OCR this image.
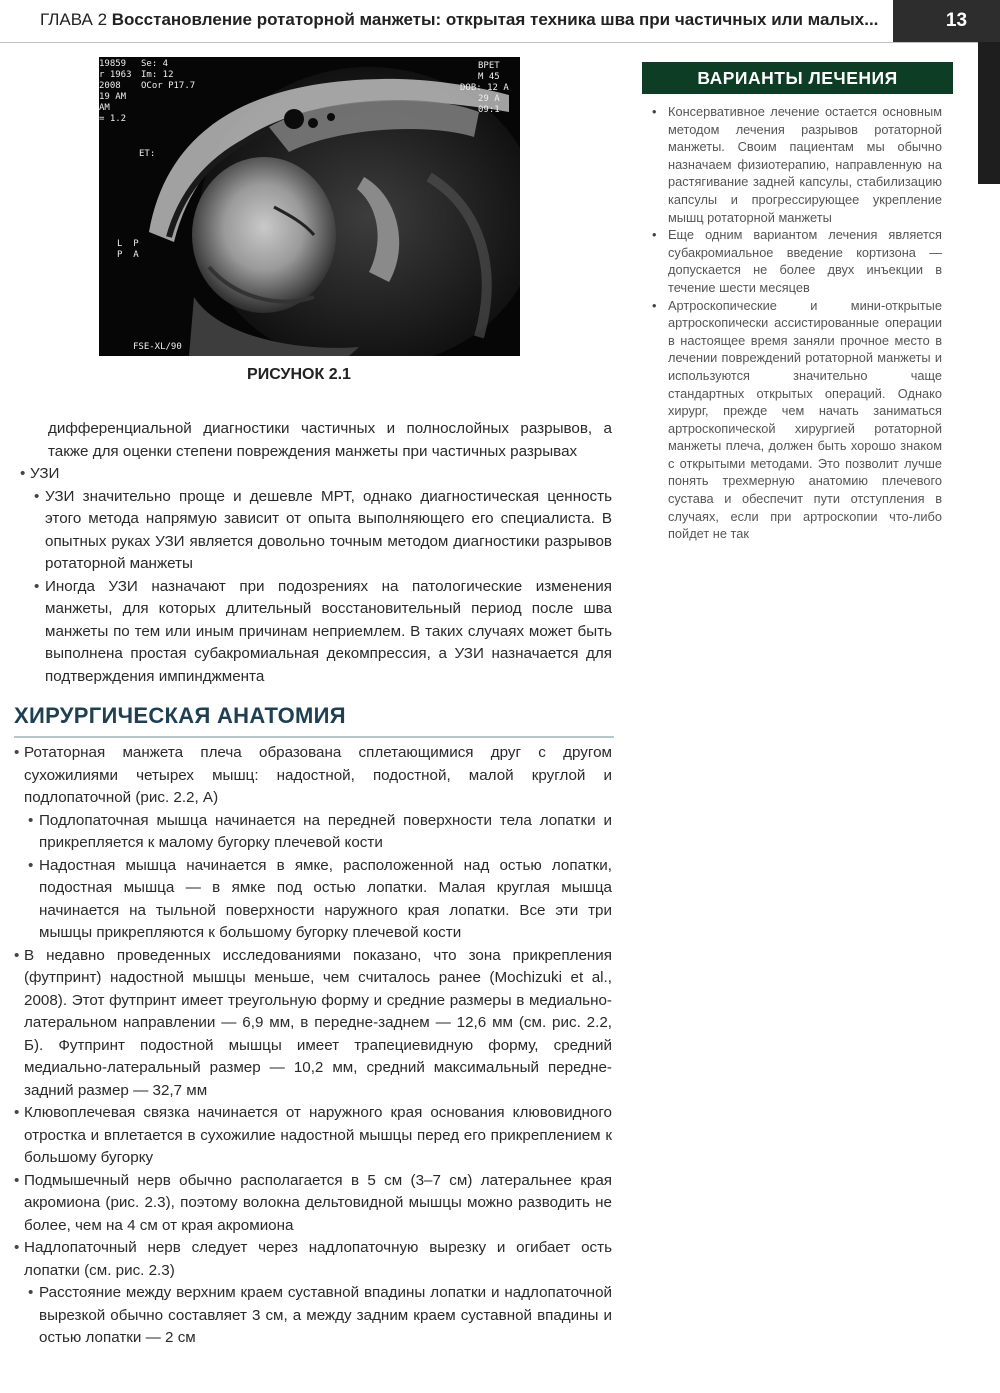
ГЛАВА 2 Восстановление ротаторной манжеты: открытая техника шва при частичных или малых...	13
19859
r 1963
2008
19 AM
AM
= 1.2
Se: 4
Im: 12
OCor P17.7
BPET
M 45
DOB: 12 A
29 A
09:1
ET:
L P
P A
FSE-XL/90
РИСУНОК 2.1

дифференциальной диагностики частичных и полнослойных разрывов, а также для оценки степени повреждения манжеты при частичных разрывах

• УЗИ
• УЗИ значительно проще и дешевле МРТ, однако диагностическая ценность этого метода напрямую зависит от опыта выполняющего его специалиста. В опытных руках УЗИ является довольно точным методом диагностики разрывов ротаторной манжеты
• Иногда УЗИ назначают при подозрениях на патологические изменения манжеты, для которых длительный восстановительный период после шва манжеты по тем или иным причинам неприемлем. В таких случаях может быть выполнена простая субакромиальная декомпрессия, а УЗИ назначается для подтверждения импинджмента
ХИРУРГИЧЕСКАЯ АНАТОМИЯ
• Ротаторная манжета плеча образована сплетающимися друг с другом сухожилиями четырех мышц: надостной, подостной, малой круглой и подлопаточной (рис. 2.2, А)
• Подлопаточная мышца начинается на передней поверхности тела лопатки и прикрепляется к малому бугорку плечевой кости
• Надостная мышца начинается в ямке, расположенной над остью лопатки, подостная мышца — в ямке под остью лопатки. Малая круглая мышца начинается на тыльной поверхности наружного края лопатки. Все эти три мышцы прикрепляются к большому бугорку плечевой кости
• В недавно проведенных исследованиями показано, что зона прикрепления (футпринт) надостной мышцы меньше, чем считалось ранее (Mochizuki et al., 2008). Этот футпринт имеет треугольную форму и средние размеры в медиально-латеральном направлении — 6,9 мм, в передне-заднем — 12,6 мм (см. рис. 2.2, Б). Футпринт подостной мышцы имеет трапециевидную форму, средний медиально-латеральный размер — 10,2 мм, средний максимальный передне-задний размер — 32,7 мм
• Клювоплечевая связка начинается от наружного края основания клювовидного отростка и вплетается в сухожилие надостной мышцы перед его прикреплением к большому бугорку
• Подмышечный нерв обычно располагается в 5 см (3–7 см) латеральнее края акромиона (рис. 2.3), поэтому волокна дельтовидной мышцы можно разводить не более, чем на 4 см от края акромиона
• Надлопаточный нерв следует через надлопаточную вырезку и огибает ость лопатки (см. рис. 2.3)
• Расстояние между верхним краем суставной впадины лопатки и надлопаточной вырезкой обычно составляет 3 см, а между задним краем суставной впадины и остью лопатки — 2 см
ВАРИАНТЫ ЛЕЧЕНИЯ
• Консервативное лечение остается основным методом лечения разрывов ротаторной манжеты. Своим пациентам мы обычно назначаем физиотерапию, направленную на растягивание задней капсулы, стабилизацию капсулы и прогрессирующее укрепление мышц ротаторной манжеты
• Еще одним вариантом лечения является субакромиальное введение кортизона — допускается не более двух инъекции в течение шести месяцев
• Артроскопические и мини-открытые артроскопически ассистированные операции в настоящее время заняли прочное место в лечении повреждений ротаторной манжеты и используются значительно чаще стандартных открытых операций. Однако хирург, прежде чем начать заниматься артроскопической хирургией ротаторной манжеты плеча, должен быть хорошо знаком с открытыми методами. Это позволит лучше понять трехмерную анатомию плечевого сустава и обеспечит пути отступления в случаях, если при артроскопии что-либо пойдет не так
